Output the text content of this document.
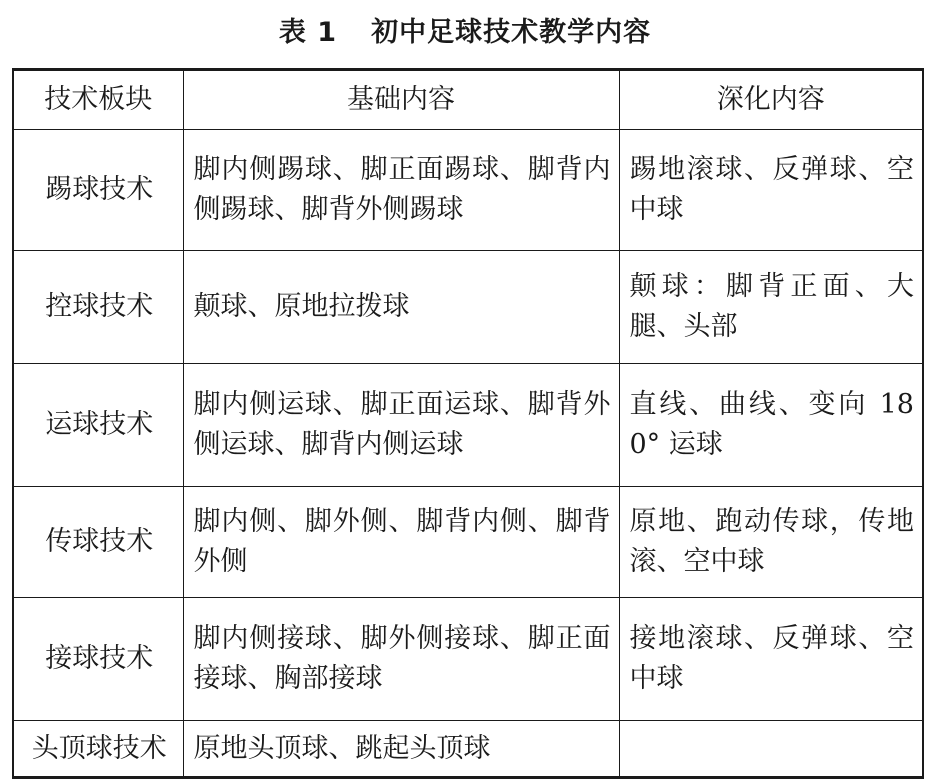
表 1 初中足球技术教学内容
技术板块	基础内容	深化内容
踢球技术	脚内侧踢球、脚正面踢球、脚背内侧踢球、脚背外侧踢球	踢地滚球、反弹球、空中球
控球技术	颠球、原地拉拨球	颠球：脚背正面、大腿、头部
运球技术	脚内侧运球、脚正面运球、脚背外侧运球、脚背内侧运球	直线、曲线、变向 180° 运球
传球技术	脚内侧、脚外侧、脚背内侧、脚背外侧	原地、跑动传球，传地滚、空中球
接球技术	脚内侧接球、脚外侧接球、脚正面接球、胸部接球	接地滚球、反弹球、空中球
头顶球技术	原地头顶球、跳起头顶球	
